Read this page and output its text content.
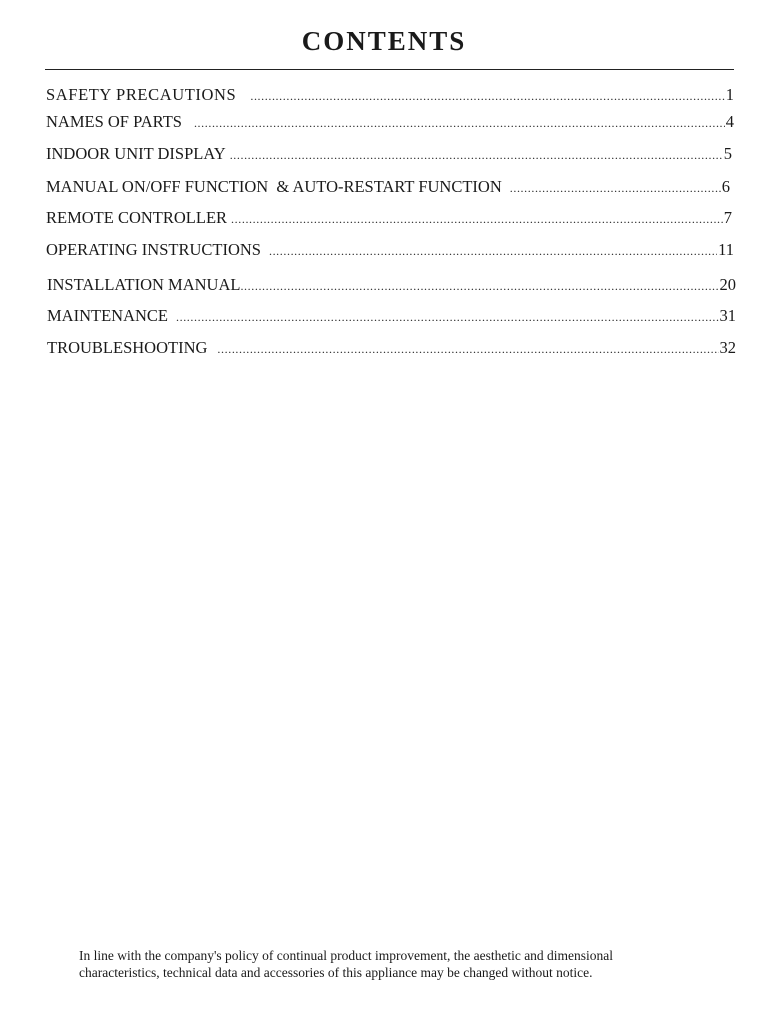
CONTENTS
SAFETY PRECAUTIONS .....	1
NAMES OF PARTS .....	4
INDOOR UNIT DISPLAY .....	5
MANUAL ON/OFF FUNCTION  & AUTO-RESTART FUNCTION .....	6
REMOTE CONTROLLER .....	7
OPERATING INSTRUCTIONS .....	11
INSTALLATION MANUAL .....	20
MAINTENANCE .....	31
TROUBLESHOOTING .....	32
In line with the company's policy of continual product improvement, the aesthetic and dimensional
characteristics, technical data and accessories of this appliance may be changed without notice.
